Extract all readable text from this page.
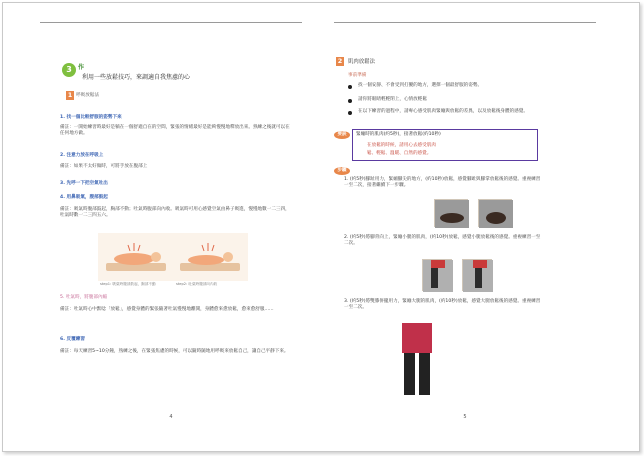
3	作
利用一些放鬆技巧，來調適自我焦慮的心
1 呼吸放鬆法
1. 找一個比較舒服的姿勢下來
備註：一開始練習時最好是躺在一個舒適自在的空間，緊張的情緒最好是能夠慢慢地釋放出來。熟練之後就可以在任何地方做。
2. 注意力放在呼吸上
備註：如果不太好做時，可將手放在腹部上
3. 先呼一下把空氣吐出
4. 用鼻吸氣，腹部鼓起
備註：吸氣時腹部鼓起，胸部不動；吐氣時腹部向內收。吸氣時可用心感覺空氣由鼻子吸進，慢慢地數一二三四，吐氣時數一二三四五六。
step1: 吸氣時腹部鼓起，胸部不動	step2: 吐氣時腹部向內收
5. 吐氣時，將腹部內縮
備註：吐氣時心中默唸「放鬆」，感覺身體的緊張隨著吐氣慢慢地離開，身體愈來愈放鬆，愈來愈舒服……
6. 反覆練習
備註：每天練習5~10分鐘，熟練之後，在緊張焦慮的時候，可以隨時隨地用呼吸來放鬆自己，讓自己平靜下來。
4
2	肌肉放鬆法
事前準備
找一個安靜、不會受到打擾的地方，選擇一個最舒服的姿勢。
請你將眼睛輕輕閉上，心情放輕鬆
在以下練習的過程中，請專心感受肌肉緊繃與放鬆的差異，以及放鬆後身體的感覺。
要訣	緊繃時的肌肉(約5秒)，接著放鬆(約10秒)
在放鬆的時候，請用心去感受肌肉
鬆、輕鬆、溫暖、自然的感覺。
步驟
1. (約5秒)腳趾用力，緊繃腳尖的地方，(約10秒)放鬆，感覺腳趾與腳掌放鬆後的感覺。重複練習一至二次，接著繼續下一步驟。
2. (約5秒)將腳背向上，緊繃小腿的肌肉，(約10秒)放鬆，感覺小腿放鬆後的感覺。重複練習一至二次。
3. (約5秒)將雙膝併攏用力，緊繃大腿的肌肉，(約10秒)放鬆，感覺大腿放鬆後的感覺。重複練習一至二次。
5
